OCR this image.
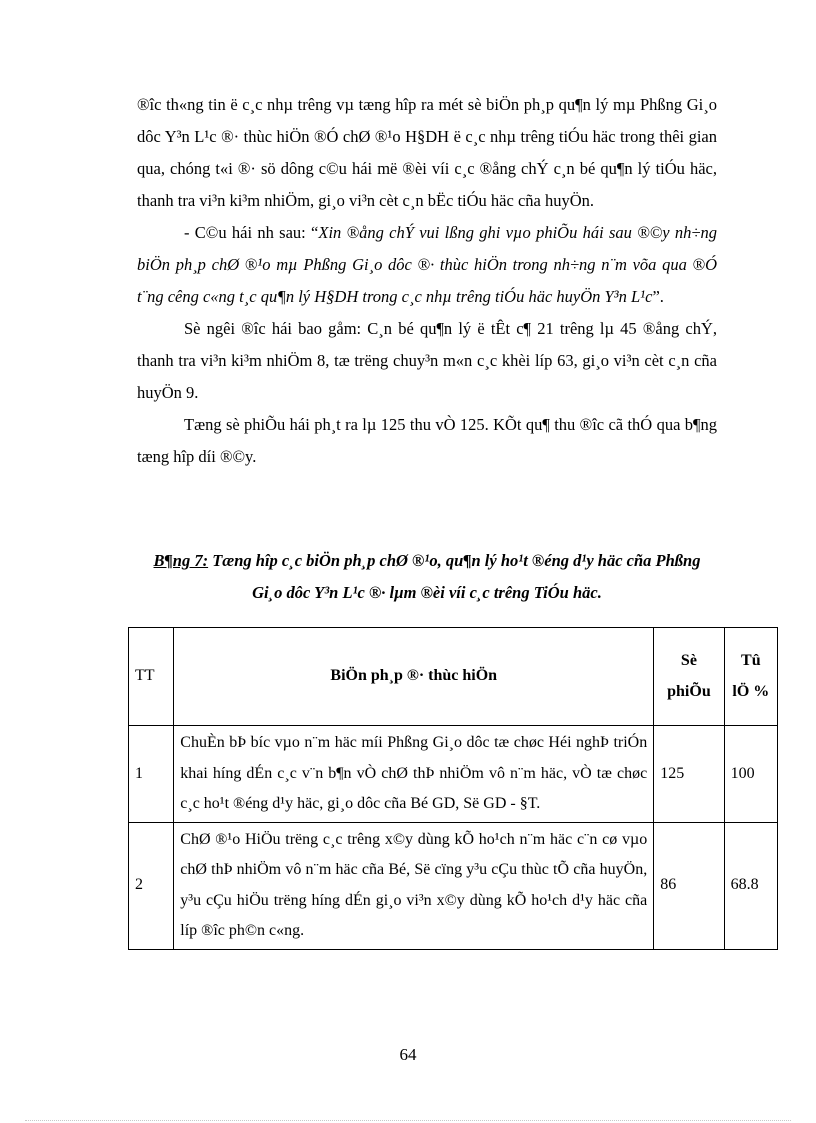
®îc th«ng tin ë c¸c nhµ trêng vµ tæng hîp ra mét sè biÖn ph¸p qu¶n lý mµ Phßng Gi¸o dôc Y³n L¹c ®· thùc hiÖn ®Ó chØ ®¹o H§DH ë c¸c nhµ trêng tiÓu häc trong thêi gian qua, chóng t«i ®· sö dông c©u hái më ®èi víi c¸c ®ång chÝ c¸n bé qu¶n lý tiÓu häc, thanh tra vi³n ki³m nhiÖm, gi¸o vi³n cèt c¸n bËc tiÓu häc cña huyÖn.

- C©u hái nh sau: “Xin ®ång chÝ vui lßng ghi vµo phiÕu hái sau ®©y nh÷ng biÖn ph¸p chØ ®¹o mµ Phßng Gi¸o dôc ®· thùc hiÖn trong nh÷ng n¨m võa qua ®Ó t¨ng cêng c«ng t¸c qu¶n lý H§DH trong c¸c nhµ trêng tiÓu häc huyÖn Y³n L¹c”.

Sè ngêi ®îc hái bao gåm: C¸n bé qu¶n lý ë tÊt c¶ 21 trêng lµ 45 ®ång chÝ, thanh tra vi³n ki³m nhiÖm 8, tæ trëng chuy³n m«n c¸c khèi líp 63, gi¸o vi³n cèt c¸n cña huyÖn 9.

Tæng sè phiÕu hái ph¸t ra lµ 125 thu vÒ 125. KÕt qu¶ thu ®îc cã thÓ qua b¶ng tæng hîp díi ®©y.

B¶ng 7: Tæng hîp c¸c biÖn ph¸p chØ ®¹o, qu¶n lý ho¹t ®éng d¹y häc cña Phßng Gi¸o dôc Y³n L¹c ®· lµm ®èi víi c¸c trêng TiÓu häc.
TT	BiÖn ph¸p ®· thùc hiÖn	Sè phiÕu	Tû lÖ %
1	ChuÈn bÞ bíc vµo n¨m häc míi Phßng Gi¸o dôc tæ chøc Héi nghÞ triÓn khai híng dÉn c¸c v¨n b¶n vÒ chØ thÞ nhiÖm vô n¨m häc, vÒ tæ chøc c¸c ho¹t ®éng d¹y häc, gi¸o dôc cña Bé GD, Së GD - §T.	125	100
2	ChØ ®¹o HiÖu trëng c¸c trêng x©y dùng kÕ ho¹ch n¨m häc c¨n cø vµo chØ thÞ nhiÖm vô n¨m häc cña Bé, Së cïng y³u cÇu thùc tÕ cña huyÖn, y³u cÇu hiÖu trëng híng dÉn gi¸o vi³n x©y dùng kÕ ho¹ch d¹y häc cña líp ®îc ph©n c«ng.	86	68.8
64
